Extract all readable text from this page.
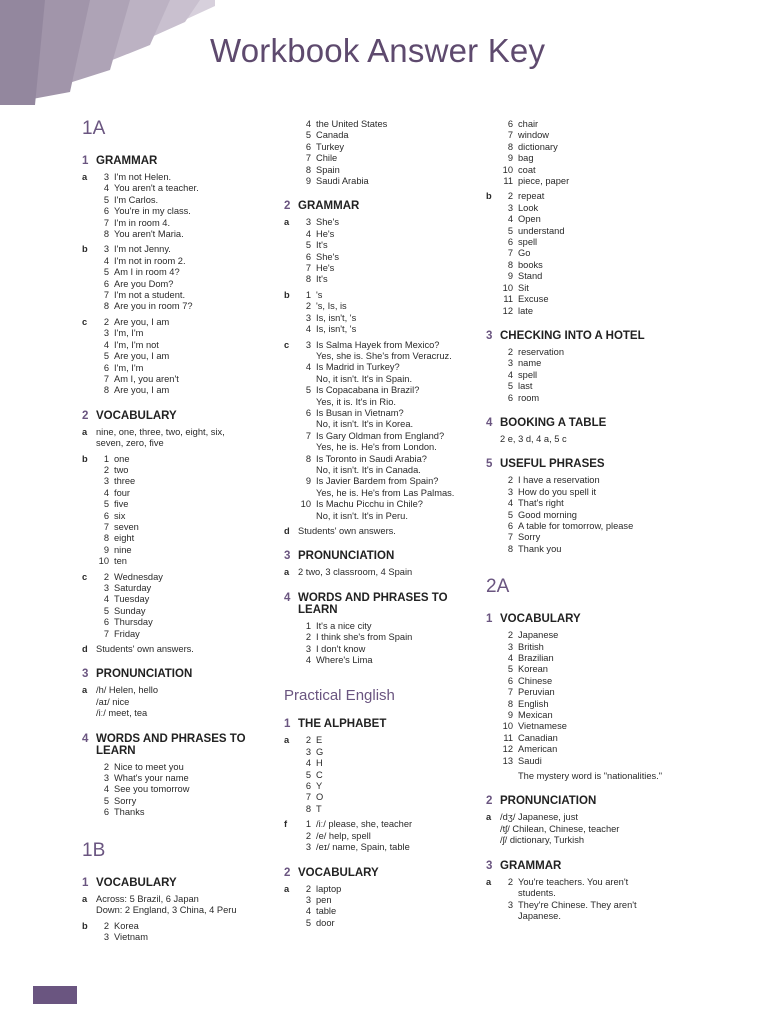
Workbook Answer Key
1A
1 GRAMMAR
a	3 I'm not Helen.
4 You aren't a teacher.
5 I'm Carlos.
6 You're in my class.
7 I'm in room 4.
8 You aren't Maria.
b	3 I'm not Jenny.
4 I'm not in room 2.
5 Am I in room 4?
6 Are you Dom?
7 I'm not a student.
8 Are you in room 7?
c	2 Are you, I am
3 I'm, I'm
4 I'm, I'm not
5 Are you, I am
6 I'm, I'm
7 Am I, you aren't
8 Are you, I am
2 VOCABULARY
a nine, one, three, two, eight, six,
seven, zero, five
b	1 one
2 two
3 three
4 four
5 five
6 six
7 seven
8 eight
9 nine
10 ten
c	2 Wednesday
3 Saturday
4 Tuesday
5 Sunday
6 Thursday
7 Friday
d Students' own answers.
3 PRONUNCIATION
a /h/ Helen, hello
/aɪ/ nice
/iː/ meet, tea
4 WORDS AND PHRASES TO LEARN
2 Nice to meet you
3 What's your name
4 See you tomorrow
5 Sorry
6 Thanks
1B
1 VOCABULARY
a Across: 5 Brazil, 6 Japan
Down: 2 England, 3 China, 4 Peru
b	2 Korea
3 Vietnam
4 the United States
5 Canada
6 Turkey
7 Chile
8 Spain
9 Saudi Arabia
2 GRAMMAR
a	3 She's
4 He's
5 It's
6 She's
7 He's
8 It's
b	1 's
2 's, Is, is
3 Is, isn't, 's
4 Is, isn't, 's
c	3 Is Salma Hayek from Mexico?
Yes, she is. She's from Veracruz.
4 Is Madrid in Turkey?
No, it isn't. It's in Spain.
5 Is Copacabana in Brazil?
Yes, it is. It's in Rio.
6 Is Busan in Vietnam?
No, it isn't. It's in Korea.
7 Is Gary Oldman from England?
Yes, he is. He's from London.
8 Is Toronto in Saudi Arabia?
No, it isn't. It's in Canada.
9 Is Javier Bardem from Spain?
Yes, he is. He's from Las Palmas.
10 Is Machu Picchu in Chile?
No, it isn't. It's in Peru.
d Students' own answers.
3 PRONUNCIATION
a 2 two, 3 classroom, 4 Spain
4 WORDS AND PHRASES TO LEARN
1 It's a nice city
2 I think she's from Spain
3 I don't know
4 Where's Lima
Practical English
1 THE ALPHABET
a	2 E
3 G
4 H
5 C
6 Y
7 O
8 T
f	1 /iː/ please, she, teacher
2 /e/ help, spell
3 /eɪ/ name, Spain, table
2 VOCABULARY
a	2 laptop
3 pen
4 table
5 door
6 chair
7 window
8 dictionary
9 bag
10 coat
11 piece, paper
b	2 repeat
3 Look
4 Open
5 understand
6 spell
7 Go
8 books
9 Stand
10 Sit
11 Excuse
12 late
3 CHECKING INTO A HOTEL
2 reservation
3 name
4 spell
5 last
6 room
4 BOOKING A TABLE
2 e, 3 d, 4 a, 5 c
5 USEFUL PHRASES
2 I have a reservation
3 How do you spell it
4 That's right
5 Good morning
6 A table for tomorrow, please
7 Sorry
8 Thank you
2A
1 VOCABULARY
2 Japanese
3 British
4 Brazilian
5 Korean
6 Chinese
7 Peruvian
8 English
9 Mexican
10 Vietnamese
11 Canadian
12 American
13 Saudi
The mystery word is "nationalities."
2 PRONUNCIATION
a /dʒ/ Japanese, just
/tʃ/ Chilean, Chinese, teacher
/ʃ/ dictionary, Turkish
3 GRAMMAR
a	2 You're teachers. You aren't
students.
3 They're Chinese. They aren't
Japanese.
